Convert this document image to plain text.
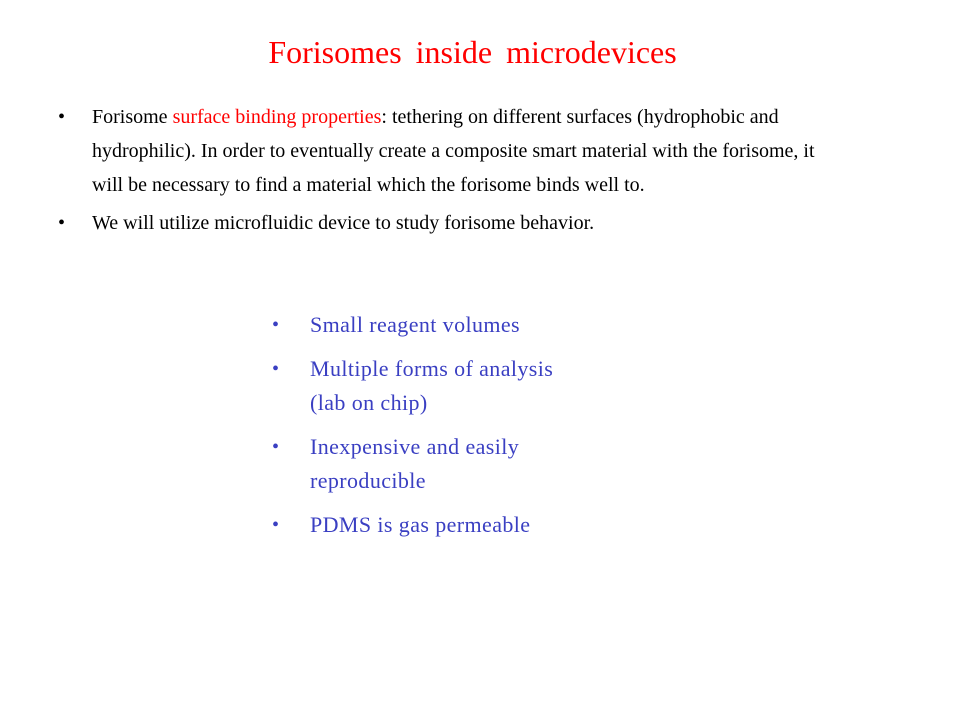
Forisomes inside microdevices
• Forisome surface binding properties: tethering on different surfaces (hydrophobic and hydrophilic). In order to eventually create a composite smart material with the forisome, it will be necessary to find a material which the forisome binds well to.
• We will utilize microfluidic device to study forisome behavior.
• Small reagent volumes
• Multiple forms of analysis
(lab on chip)
• Inexpensive and easily
reproducible
• PDMS is gas permeable
